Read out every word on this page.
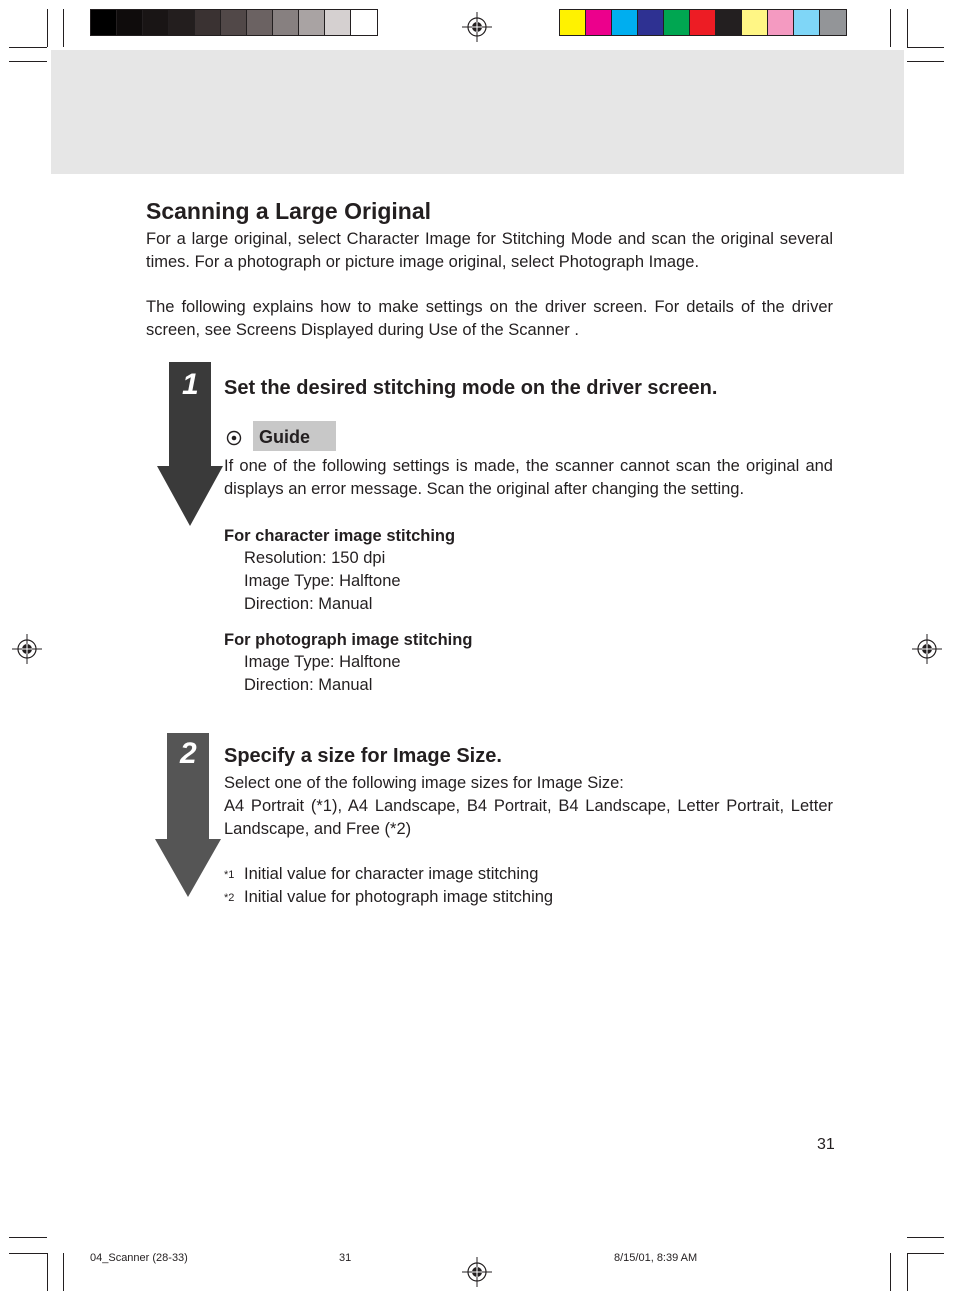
Scanning a Large Original
For a large original, select Character Image for Stitching Mode and scan the original several times. For a photograph or picture image original, select Photograph Image.
The following explains how to make settings on the driver screen. For details of the driver screen, see Screens Displayed during Use of the Scanner .
1 Set the desired stitching mode on the driver screen.
Guide
If one of the following settings is made, the scanner cannot scan the original and displays an error message. Scan the original after changing the setting.
For character image stitching
Resolution: 150 dpi
Image Type: Halftone
Direction: Manual
For photograph image stitching
Image Type: Halftone
Direction: Manual
2 Specify a size for Image Size.
Select one of the following image sizes for Image Size:
A4 Portrait (*1), A4 Landscape, B4 Portrait, B4 Landscape, Letter Portrait, Letter Landscape, and Free (*2)
*1 Initial value for character image stitching
*2 Initial value for photograph image stitching
31
04_Scanner (28-33)	31	8/15/01, 8:39 AM
